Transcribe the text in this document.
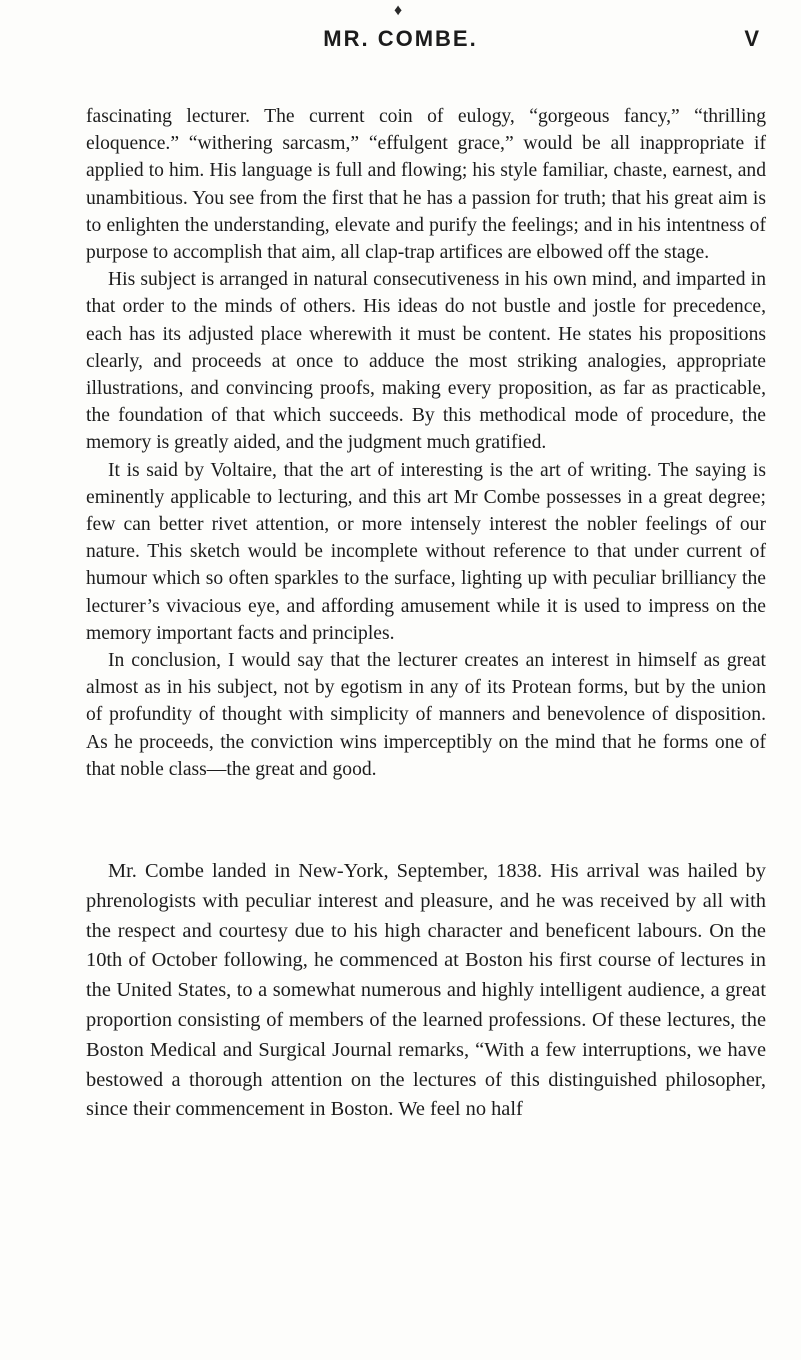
♦
MR. COMBE.	V

fascinating lecturer. The current coin of eulogy, “gorgeous fancy,” “thrilling eloquence.” “withering sarcasm,” “effulgent grace,” would be all inappropriate if applied to him. His language is full and flowing; his style familiar, chaste, earnest, and unambitious. You see from the first that he has a passion for truth; that his great aim is to enlighten the understanding, elevate and purify the feelings; and in his intentness of purpose to accomplish that aim, all clap-trap artifices are elbowed off the stage.

His subject is arranged in natural consecutiveness in his own mind, and imparted in that order to the minds of others. His ideas do not bustle and jostle for precedence, each has its adjusted place wherewith it must be content. He states his propositions clearly, and proceeds at once to adduce the most striking analogies, appropriate illustrations, and convincing proofs, making every proposition, as far as practicable, the foundation of that which succeeds. By this methodical mode of procedure, the memory is greatly aided, and the judgment much gratified.

It is said by Voltaire, that the art of interesting is the art of writing. The saying is eminently applicable to lecturing, and this art Mr Combe possesses in a great degree; few can better rivet attention, or more intensely interest the nobler feelings of our nature. This sketch would be incomplete without reference to that under current of humour which so often sparkles to the surface, lighting up with peculiar brilliancy the lecturer’s vivacious eye, and affording amusement while it is used to impress on the memory important facts and principles.

In conclusion, I would say that the lecturer creates an interest in himself as great almost as in his subject, not by egotism in any of its Protean forms, but by the union of profundity of thought with simplicity of manners and benevolence of disposition. As he proceeds, the conviction wins imperceptibly on the mind that he forms one of that noble class—the great and good.

Mr. Combe landed in New-York, September, 1838. His arrival was hailed by phrenologists with peculiar interest and pleasure, and he was received by all with the respect and courtesy due to his high character and beneficent labours. On the 10th of October following, he commenced at Boston his first course of lectures in the United States, to a somewhat numerous and highly intelligent audience, a great proportion consisting of members of the learned professions. Of these lectures, the Boston Medical and Surgical Journal remarks, “With a few interruptions, we have bestowed a thorough attention on the lectures of this distinguished philosopher, since their commencement in Boston. We feel no half
